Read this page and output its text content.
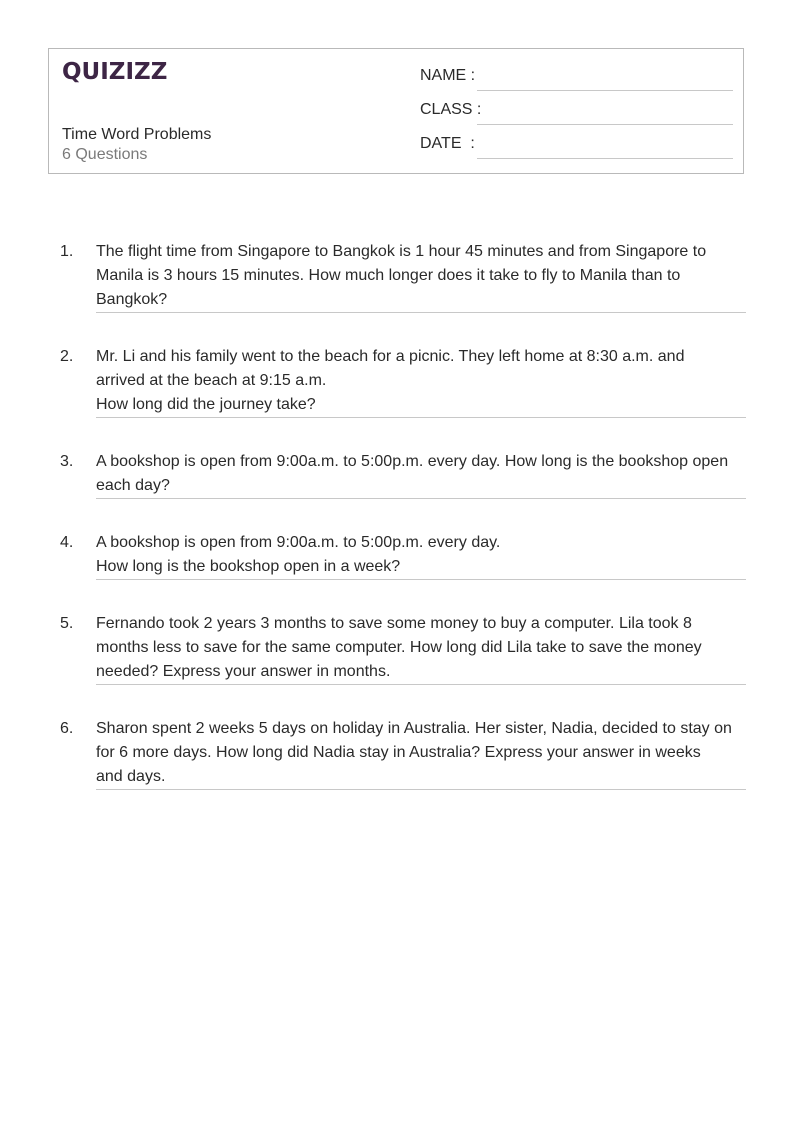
QUIZIZZ
Time Word Problems
6 Questions
NAME :
CLASS :
DATE  :
1. The flight time from Singapore to Bangkok is 1 hour 45 minutes and from Singapore to
Manila is 3 hours 15 minutes. How much longer does it take to fly to Manila than to
Bangkok?
2. Mr. Li and his family went to the beach for a picnic. They left home at 8:30 a.m. and
arrived at the beach at 9:15 a.m.
How long did the journey take?
3. A bookshop is open from 9:00a.m. to 5:00p.m. every day. How long is the bookshop open
each day?
4. A bookshop is open from 9:00a.m. to 5:00p.m. every day.
How long is the bookshop open in a week?
5. Fernando took 2 years 3 months to save some money to buy a computer. Lila took 8
months less to save for the same computer. How long did Lila take to save the money
needed? Express your answer in months.
6. Sharon spent 2 weeks 5 days on holiday in Australia. Her sister, Nadia, decided to stay on
for 6 more days. How long did Nadia stay in Australia? Express your answer in weeks
and days.
